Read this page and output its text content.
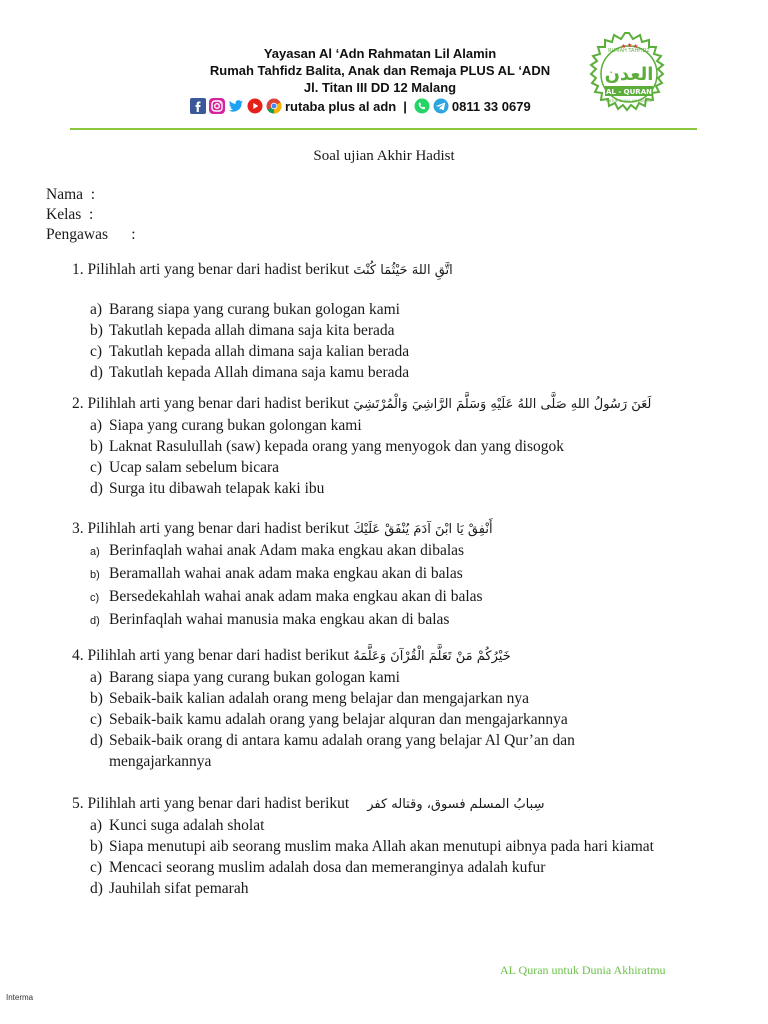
Yayasan Al ‘Adn Rahmatan Lil Alamin
Rumah Tahfidz Balita, Anak dan Remaja PLUS AL ‘ADN
Jl. Titan III DD 12 Malang
rutaba plus al adn |	0811 33 0679
RUMAH TAHFIDZ
★ ★ ★
العدن
AL - QURAN
UNTUK DUNIA AKHIRATMU
Soal ujian Akhir Hadist
Nama  :
Kelas  :
Pengawas      :
1. Pilihlah arti yang benar dari hadist berikut اتَّقِ اللهَ حَيْثُمَا كُنْتَ
a) Barang siapa yang curang bukan gologan kami
b) Takutlah kepada allah dimana saja kita berada
c) Takutlah kepada allah dimana saja kalian berada
d) Takutlah kepada Allah dimana saja kamu berada
2. Pilihlah arti yang benar dari hadist berikut لَعَنَ رَسُولُ اللهِ صَلَّى اللهُ عَلَيْهِ وَسَلَّمَ الرَّاشِيَ وَالْمُرْتَشِيَ
a) Siapa yang curang bukan golongan kami
b) Laknat Rasulullah (saw) kepada orang yang menyogok dan yang disogok
c) Ucap salam sebelum bicara
d) Surga itu dibawah telapak kaki ibu
3. Pilihlah arti yang benar dari hadist berikut أَنْفِقْ يَا ابْنَ آدَمَ يُنْفَقْ عَلَيْكَ
a) Berinfaqlah wahai anak Adam maka engkau akan dibalas
b) Beramallah wahai anak adam maka engkau akan di balas
c) Bersedekahlah wahai anak adam maka engkau akan di balas
d) Berinfaqlah wahai manusia maka engkau akan di balas
4. Pilihlah arti yang benar dari hadist berikut خَيْرُكُمْ مَنْ تَعَلَّمَ الْقُرْآنَ وَعَلَّمَهُ
a) Barang siapa yang curang bukan gologan kami
b) Sebaik-baik kalian adalah orang meng belajar dan mengajarkan nya
c) Sebaik-baik kamu adalah orang yang belajar alquran dan mengajarkannya
d) Sebaik-baik orang di antara kamu adalah orang yang belajar Al Qur’an dan mengajarkannya
5. Pilihlah arti yang benar dari hadist berikut سِبابُ المسلم فسوق، وقتاله كفر
a) Kunci suga adalah sholat
b) Siapa menutupi aib seorang muslim maka Allah akan menutupi aibnya pada hari kiamat
c) Mencaci seorang muslim adalah dosa dan memeranginya adalah kufur
d) Jauhilah sifat pemarah
AL Quran untuk Dunia Akhiratmu
Interma
